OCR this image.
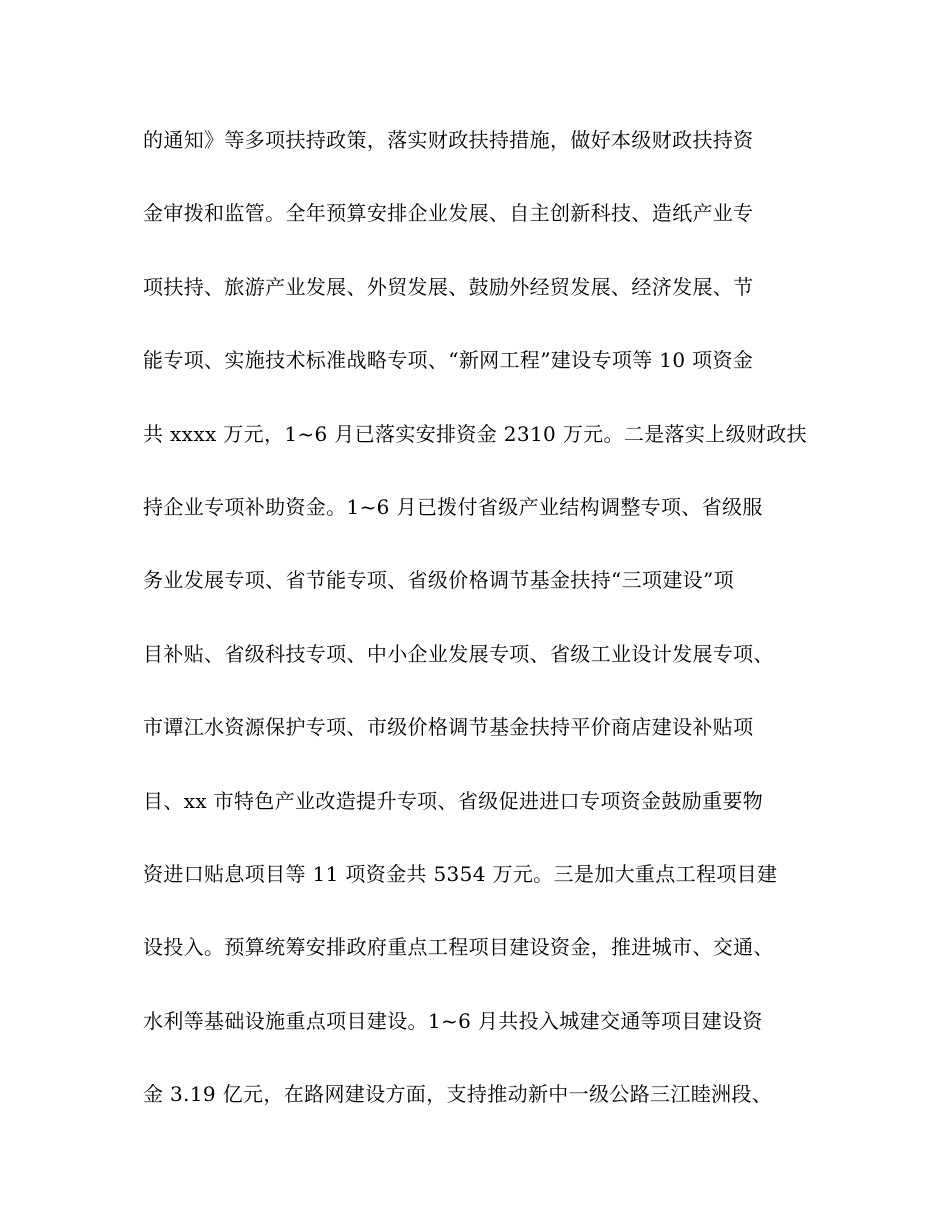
的通知》等多项扶持政策，落实财政扶持措施，做好本级财政扶持资
金审拨和监管。全年预算安排企业发展、自主创新科技、造纸产业专
项扶持、旅游产业发展、外贸发展、鼓励外经贸发展、经济发展、节
能专项、实施技术标准战略专项、“新网工程”建设专项等 10 项资金
共 xxxx 万元，1~6 月已落实安排资金 2310 万元。二是落实上级财政扶
持企业专项补助资金。1~6 月已拨付省级产业结构调整专项、省级服
务业发展专项、省节能专项、省级价格调节基金扶持“三项建设”项
目补贴、省级科技专项、中小企业发展专项、省级工业设计发展专项、
市谭江水资源保护专项、市级价格调节基金扶持平价商店建设补贴项
目、xx 市特色产业改造提升专项、省级促进进口专项资金鼓励重要物
资进口贴息项目等 11 项资金共 5354 万元。三是加大重点工程项目建
设投入。预算统筹安排政府重点工程项目建设资金，推进城市、交通、
水利等基础设施重点项目建设。1~6 月共投入城建交通等项目建设资
金 3.19 亿元，在路网建设方面，支持推动新中一级公路三江睦洲段、
